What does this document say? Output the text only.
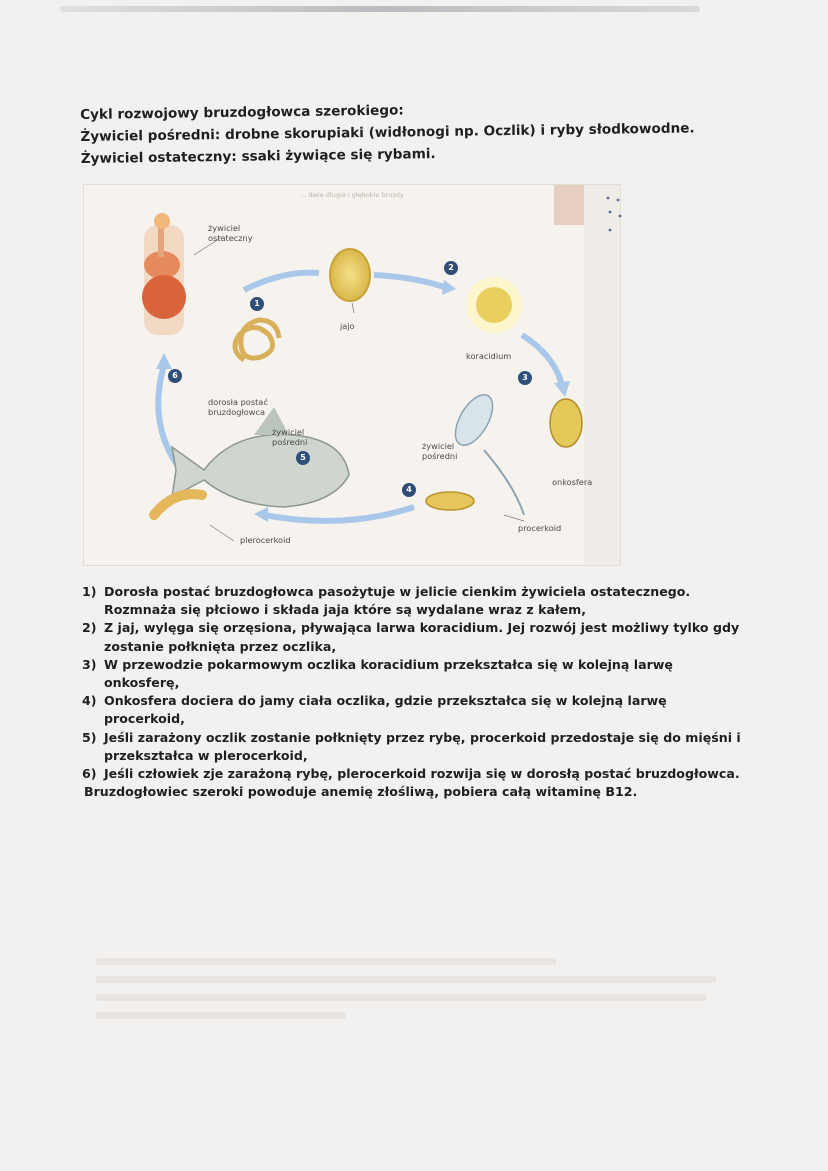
Cykl rozwojowy bruzdogłowca szerokiego:
Żywiciel pośredni: drobne skorupiaki (widłonogi np. Oczlik) i ryby słodkowodne.
Żywiciel ostateczny: ssaki żywiące się rybami.
... dwie długie i głębokie bruzdy
żywiciel ostateczny
jajo
koracidium
dorosła postać bruzdogłowca
żywiciel pośredni	żywiciel pośredni
onkosfera
procerkoid
plerocerkoid
1
2
3
4
5
6
1) Dorosła postać bruzdogłowca pasożytuje w jelicie cienkim żywiciela ostatecznego. Rozmnaża się płciowo i składa jaja które są wydalane wraz z kałem,
2) Z jaj, wylęga się orzęsiona, pływająca larwa koracidium. Jej rozwój jest możliwy tylko gdy zostanie połknięta przez oczlika,
3) W przewodzie pokarmowym oczlika koracidium przekształca się w kolejną larwę onkosferę,
4) Onkosfera dociera do jamy ciała oczlika, gdzie przekształca się w kolejną larwę procerkoid,
5) Jeśli zarażony oczlik zostanie połknięty przez rybę, procerkoid przedostaje się do mięśni i przekształca w plerocerkoid,
6) Jeśli człowiek zje zarażoną rybę, plerocerkoid rozwija się w dorosłą postać bruzdogłowca.
Bruzdogłowiec szeroki powoduje anemię złośliwą, pobiera całą witaminę B12.
